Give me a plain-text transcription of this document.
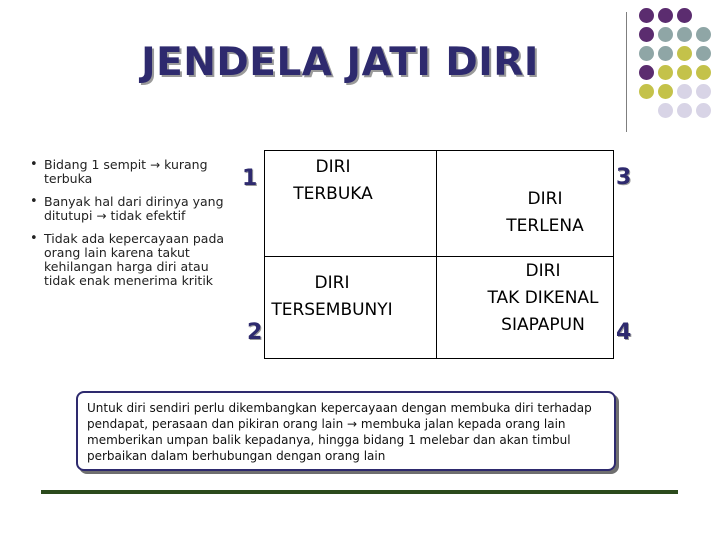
JENDELA JATI DIRI
• Bidang 1 sempit → kurang terbuka
• Banyak hal dari dirinya yang ditutupi → tidak efektif
• Tidak ada kepercayaan pada orang lain karena takut kehilangan harga diri atau tidak enak menerima kritik
1
2
3
4
DIRI
TERBUKA
DIRI
TERSEMBUNYI
DIRI
TERLENA
DIRI
TAK DIKENAL
SIAPAPUN
Untuk diri sendiri perlu dikembangkan kepercayaan dengan membuka diri terhadap pendapat, perasaan dan pikiran orang lain → membuka jalan kepada orang lain memberikan umpan balik kepadanya, hingga bidang 1 melebar dan akan timbul perbaikan dalam berhubungan dengan orang lain
